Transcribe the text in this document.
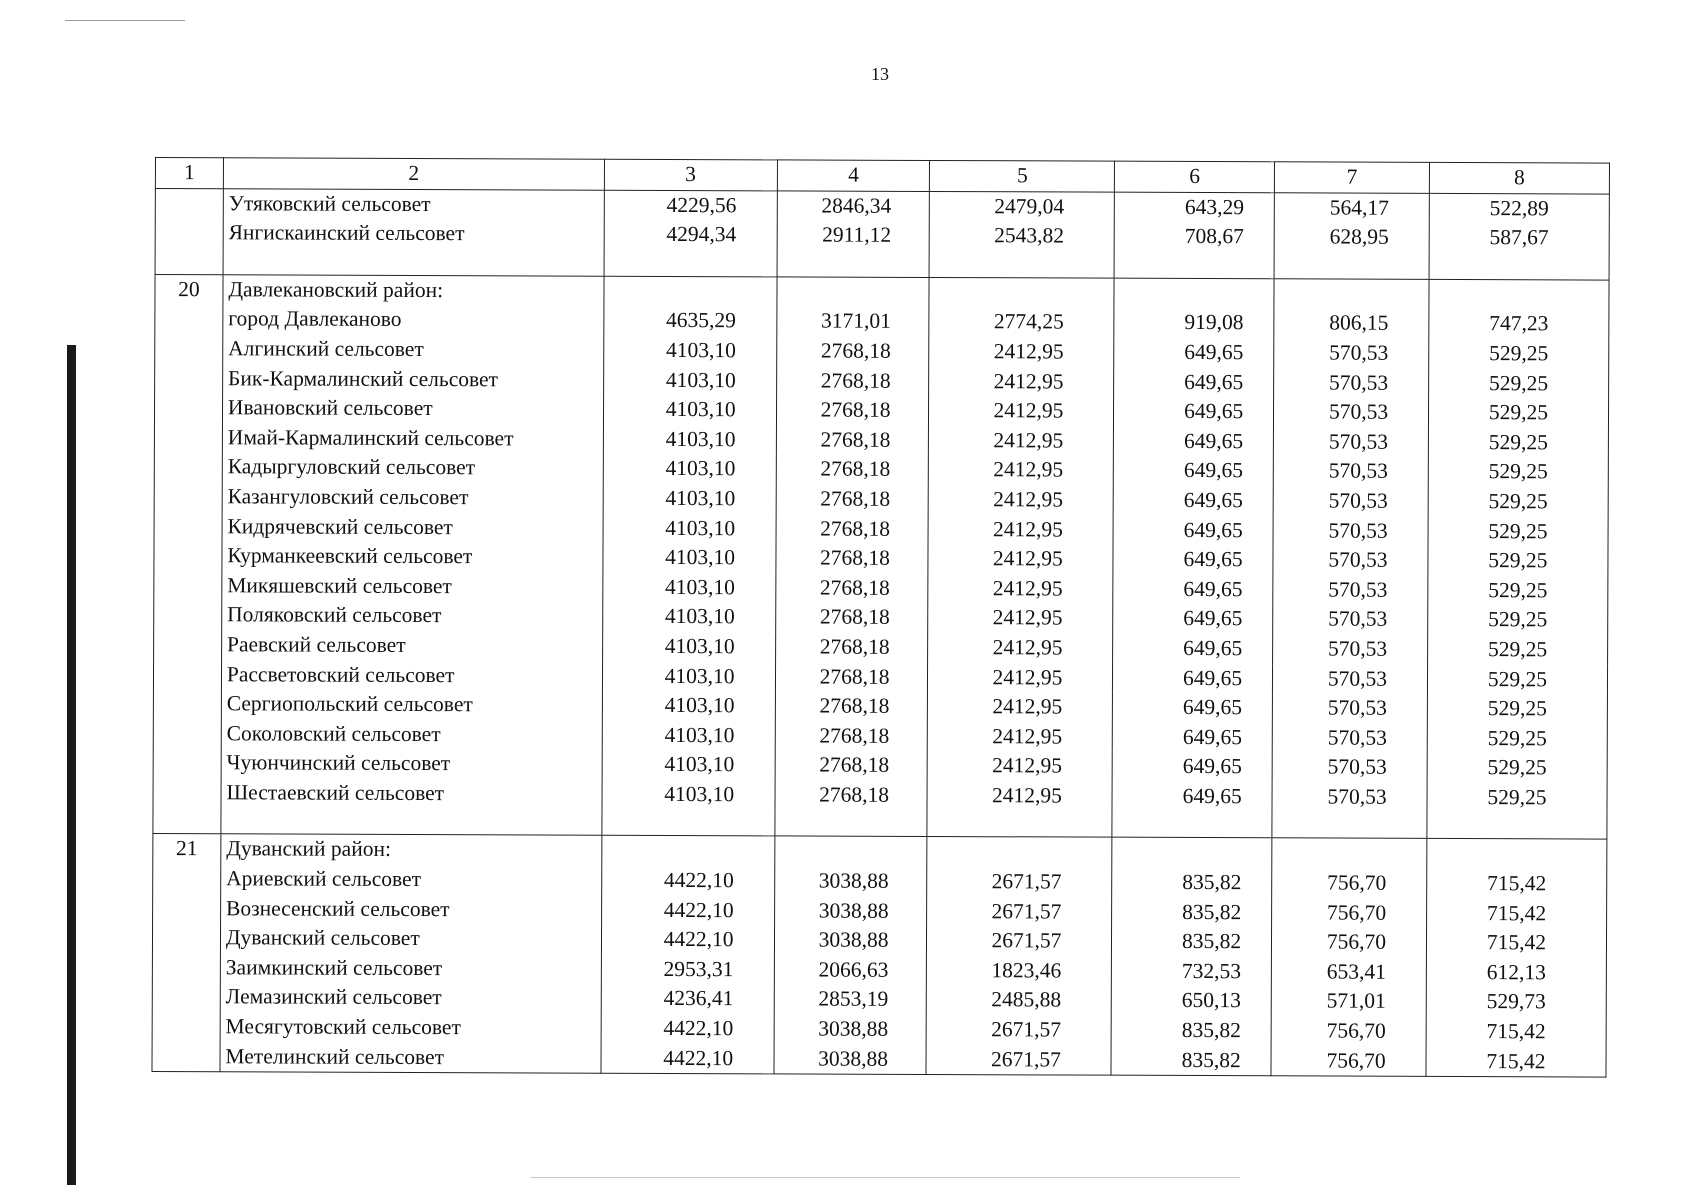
13
1	2	3	4	5	6	7	8
	Утяковский сельсовет	4229,56	2846,34	2479,04	643,29	564,17	522,89
	Янгискаинский сельсовет	4294,34	2911,12	2543,82	708,67	628,95	587,67

20	Давлекановский район:						
	город Давлеканово	4635,29	3171,01	2774,25	919,08	806,15	747,23
	Алгинский сельсовет	4103,10	2768,18	2412,95	649,65	570,53	529,25
	Бик-Кармалинский сельсовет	4103,10	2768,18	2412,95	649,65	570,53	529,25
	Ивановский сельсовет	4103,10	2768,18	2412,95	649,65	570,53	529,25
	Имай-Кармалинский сельсовет	4103,10	2768,18	2412,95	649,65	570,53	529,25
	Кадыргуловский сельсовет	4103,10	2768,18	2412,95	649,65	570,53	529,25
	Казангуловский сельсовет	4103,10	2768,18	2412,95	649,65	570,53	529,25
	Кидрячевский сельсовет	4103,10	2768,18	2412,95	649,65	570,53	529,25
	Курманкеевский сельсовет	4103,10	2768,18	2412,95	649,65	570,53	529,25
	Микяшевский сельсовет	4103,10	2768,18	2412,95	649,65	570,53	529,25
	Поляковский сельсовет	4103,10	2768,18	2412,95	649,65	570,53	529,25
	Раевский сельсовет	4103,10	2768,18	2412,95	649,65	570,53	529,25
	Рассветовский сельсовет	4103,10	2768,18	2412,95	649,65	570,53	529,25
	Сергиопольский сельсовет	4103,10	2768,18	2412,95	649,65	570,53	529,25
	Соколовский сельсовет	4103,10	2768,18	2412,95	649,65	570,53	529,25
	Чуюнчинский сельсовет	4103,10	2768,18	2412,95	649,65	570,53	529,25
	Шестаевский сельсовет	4103,10	2768,18	2412,95	649,65	570,53	529,25

21	Дуванский район:						
	Ариевский сельсовет	4422,10	3038,88	2671,57	835,82	756,70	715,42
	Вознесенский сельсовет	4422,10	3038,88	2671,57	835,82	756,70	715,42
	Дуванский сельсовет	4422,10	3038,88	2671,57	835,82	756,70	715,42
	Заимкинский сельсовет	2953,31	2066,63	1823,46	732,53	653,41	612,13
	Лемазинский сельсовет	4236,41	2853,19	2485,88	650,13	571,01	529,73
	Месягутовский сельсовет	4422,10	3038,88	2671,57	835,82	756,70	715,42
	Метелинский сельсовет	4422,10	3038,88	2671,57	835,82	756,70	715,42
